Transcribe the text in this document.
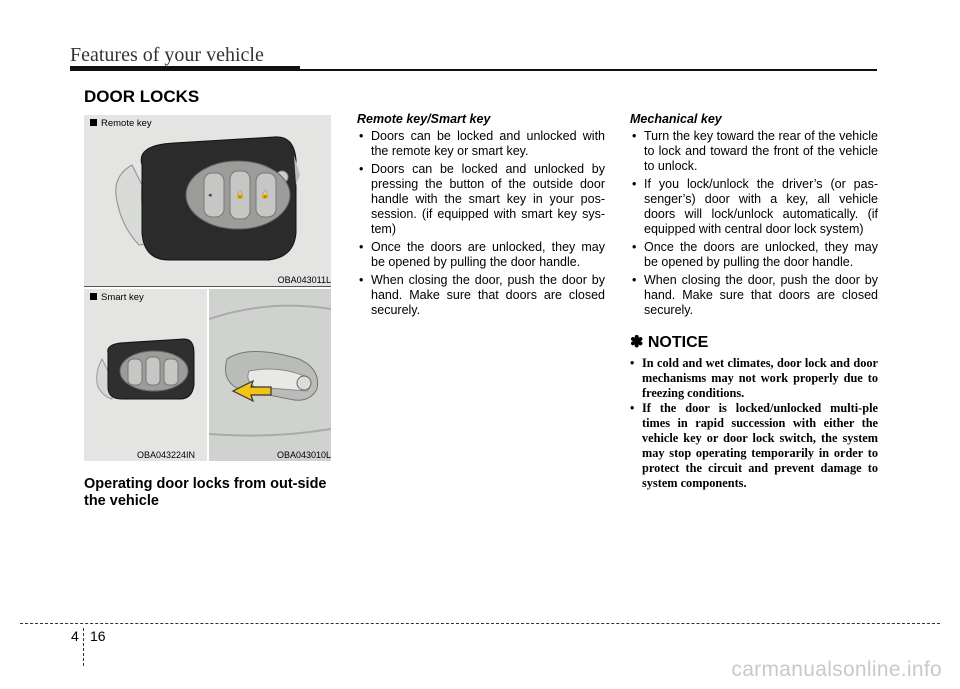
Features of your vehicle
DOOR LOCKS
Remote key
◂	🔒 🔓
OBA043011L
Smart key
OBA043224IN	OBA043010L
Operating door locks from out-side the vehicle
Remote key/Smart key
• Doors can be locked and unlocked with the remote key or smart key.
• Doors can be locked and unlocked by pressing the button of the outside door handle with the smart key in your pos-session. (if equipped with smart key sys-tem)
• Once the doors are unlocked, they may be opened by pulling the door handle.
• When closing the door, push the door by hand. Make sure that doors are closed securely.
Mechanical key
• Turn the key toward the rear of the vehicle to lock and toward the front of the vehicle to unlock.
• If you lock/unlock the driver’s (or pas-senger’s) door with a key, all vehicle doors will lock/unlock automatically. (if equipped with central door lock system)
• Once the doors are unlocked, they may be opened by pulling the door handle.
• When closing the door, push the door by hand. Make sure that doors are closed securely.
✽ NOTICE
• In cold and wet climates, door lock and door mechanisms may not work properly due to freezing conditions.
• If the door is locked/unlocked multi-ple times in rapid succession with either the vehicle key or door lock switch, the system may stop operating temporarily in order to protect the circuit and prevent damage to system components.
4 16
carmanualsonline.info
